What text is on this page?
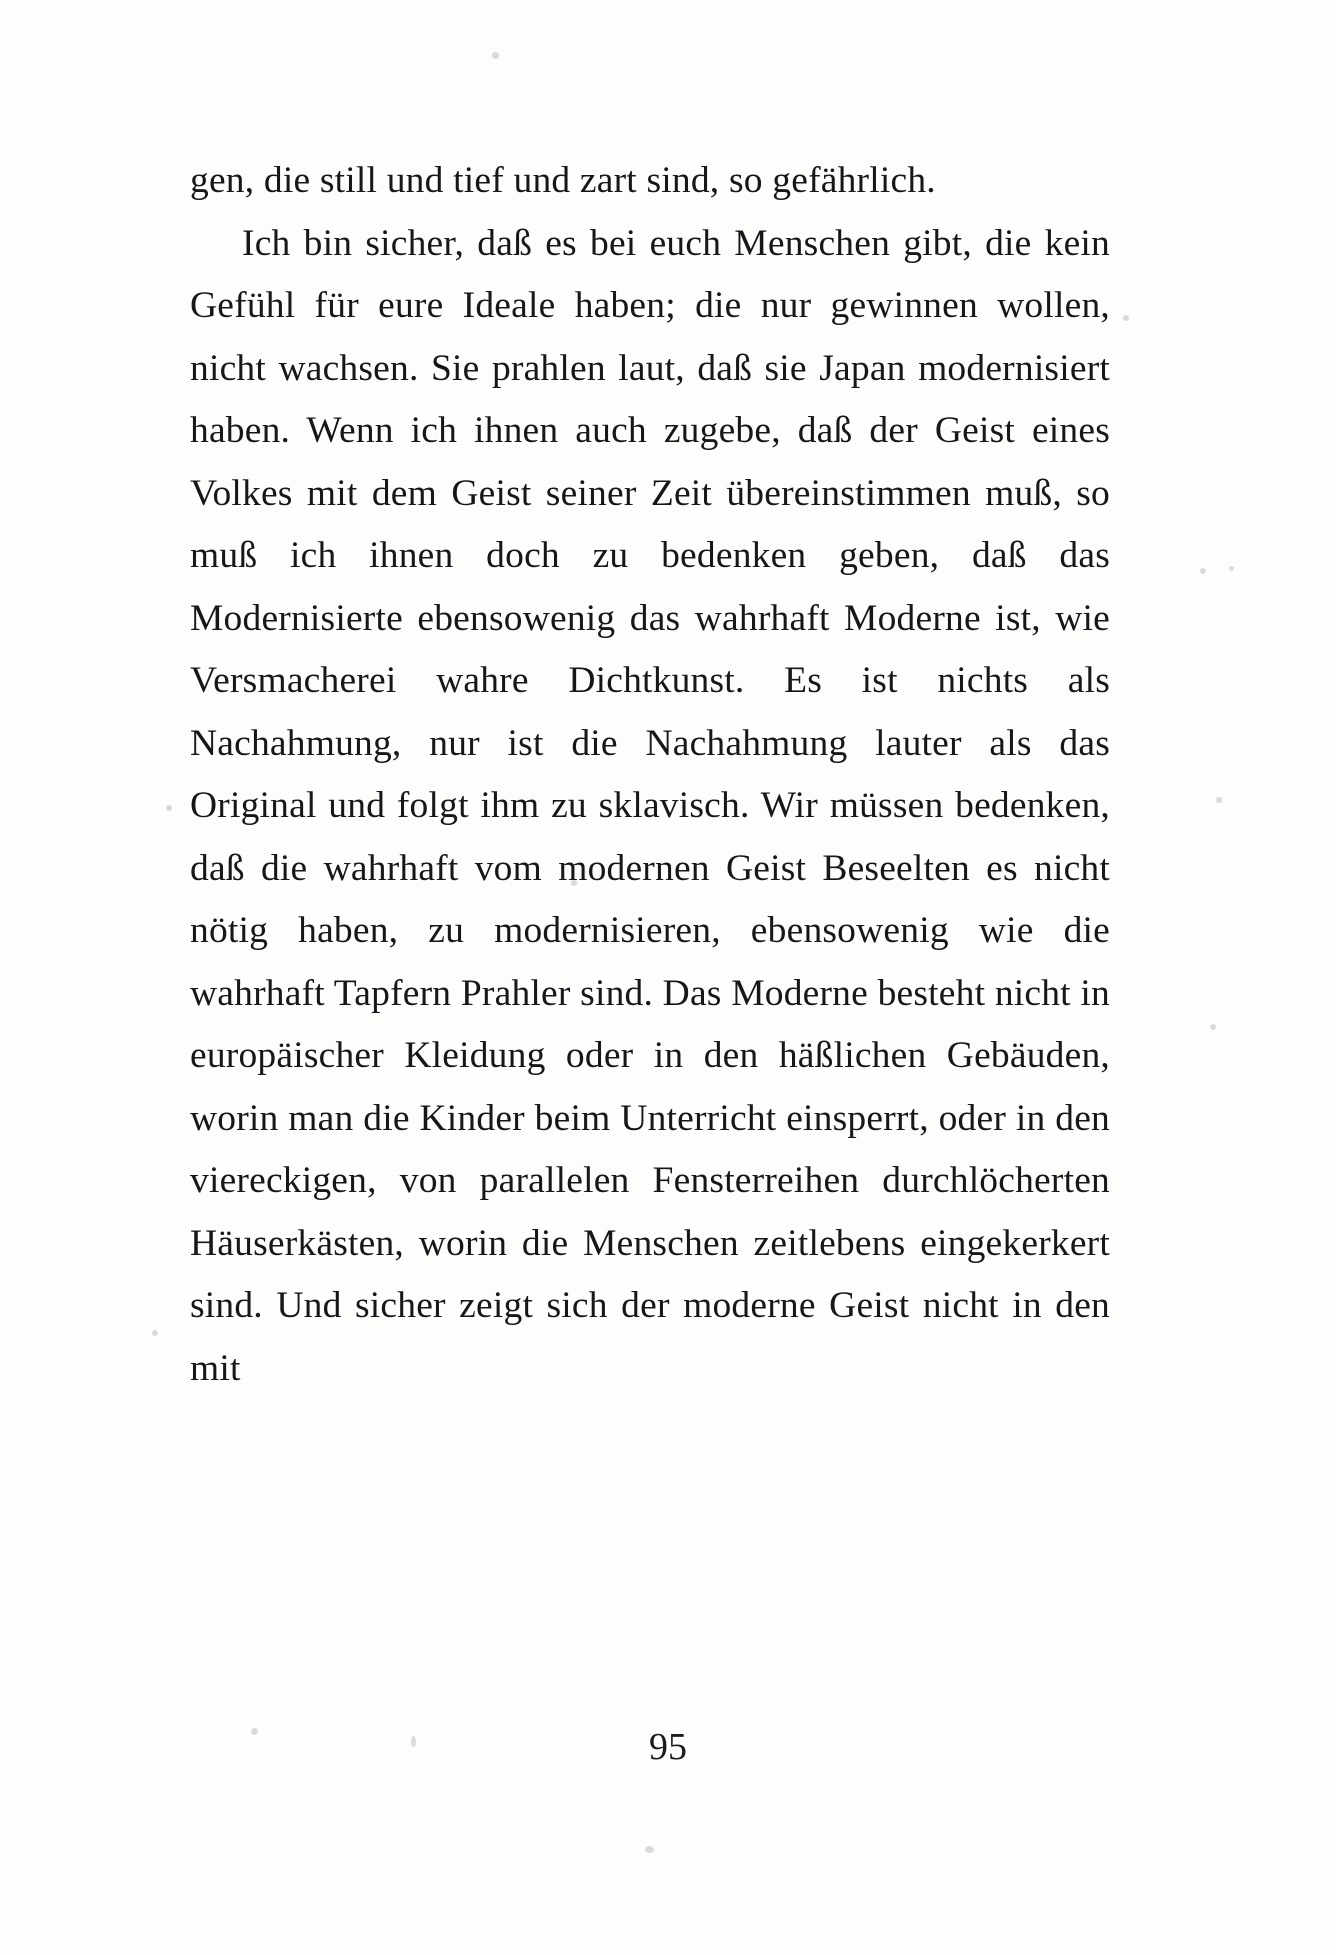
gen, die still und tief und zart sind, so gefährlich.

Ich bin sicher, daß es bei euch Menschen gibt, die kein Gefühl für eure Ideale haben; die nur gewinnen wollen, nicht wachsen. Sie prahlen laut, daß sie Japan modernisiert haben. Wenn ich ihnen auch zugebe, daß der Geist eines Volkes mit dem Geist seiner Zeit übereinstimmen muß, so muß ich ihnen doch zu bedenken geben, daß das Modernisierte ebensowenig das wahrhaft Moderne ist, wie Versmacherei wahre Dichtkunst. Es ist nichts als Nachahmung, nur ist die Nachahmung lauter als das Original und folgt ihm zu sklavisch. Wir müssen bedenken, daß die wahrhaft vom modernen Geist Beseelten es nicht nötig haben, zu modernisieren, ebensowenig wie die wahrhaft Tapfern Prahler sind. Das Moderne besteht nicht in europäischer Kleidung oder in den häßlichen Gebäuden, worin man die Kinder beim Unterricht einsperrt, oder in den viereckigen, von parallelen Fensterreihen durchlöcherten Häuserkästen, worin die Menschen zeitlebens eingekerkert sind. Und sicher zeigt sich der moderne Geist nicht in den mit

95
